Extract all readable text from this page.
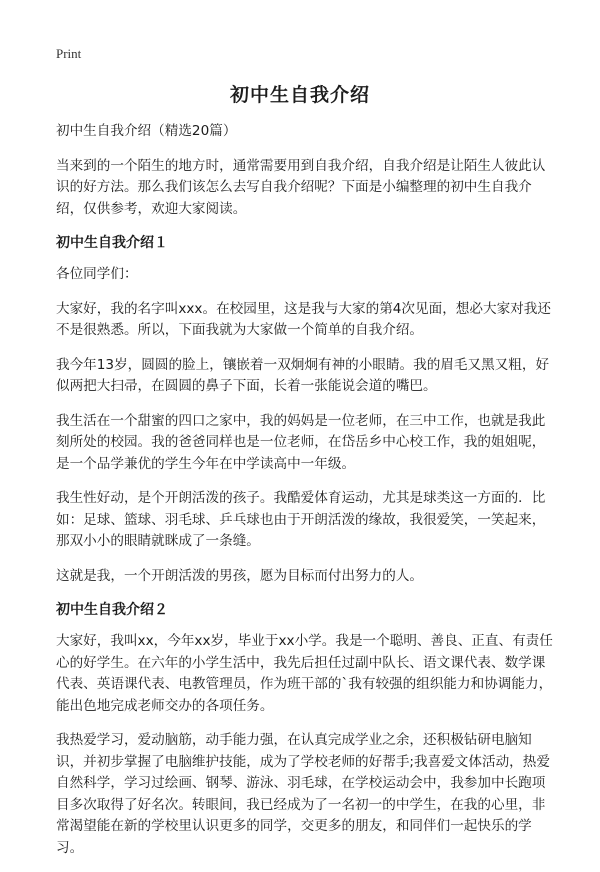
Print
初中生自我介绍

初中生自我介绍（精选20篇）

当来到的一个陌生的地方时，通常需要用到自我介绍，自我介绍是让陌生人彼此认识的好方法。那么我们该怎么去写自我介绍呢？下面是小编整理的初中生自我介绍，仅供参考，欢迎大家阅读。

初中生自我介绍１

各位同学们：

大家好，我的名字叫xxx。在校园里，这是我与大家的第4次见面，想必大家对我还不是很熟悉。所以，下面我就为大家做一个简单的自我介绍。

我今年13岁，圆圆的脸上，镶嵌着一双炯炯有神的小眼睛。我的眉毛又黑又粗，好似两把大扫帚，在圆圆的鼻子下面，长着一张能说会道的嘴巴。

我生活在一个甜蜜的四口之家中，我的妈妈是一位老师，在三中工作，也就是我此刻所处的校园。我的爸爸同样也是一位老师，在岱岳乡中心校工作，我的姐姐呢，是一个品学兼优的学生今年在中学读高中一年级。

我生性好动，是个开朗活泼的孩子。我酷爱体育运动，尤其是球类这一方面的．比如：足球、篮球、羽毛球、乒乓球也由于开朗活泼的缘故，我很爱笑，一笑起来，那双小小的眼睛就眯成了一条缝。

这就是我，一个开朗活泼的男孩，愿为目标而付出努力的人。

初中生自我介绍２

大家好，我叫xx，今年xx岁，毕业于xx小学。我是一个聪明、善良、正直、有责任心的好学生。在六年的小学生活中，我先后担任过副中队长、语文课代表、数学课代表、英语课代表、电教管理员，作为班干部的`我有较强的组织能力和协调能力，能出色地完成老师交办的各项任务。

我热爱学习，爱动脑筋，动手能力强，在认真完成学业之余，还积极钻研电脑知识，并初步掌握了电脑维护技能，成为了学校老师的好帮手;我喜爱文体活动，热爱自然科学，学习过绘画、钢琴、游泳、羽毛球，在学校运动会中，我参加中长跑项目多次取得了好名次。转眼间，我已经成为了一名初一的中学生，在我的心里，非常渴望能在新的学校里认识更多的同学，交更多的朋友，和同伴们一起快乐的学习。
